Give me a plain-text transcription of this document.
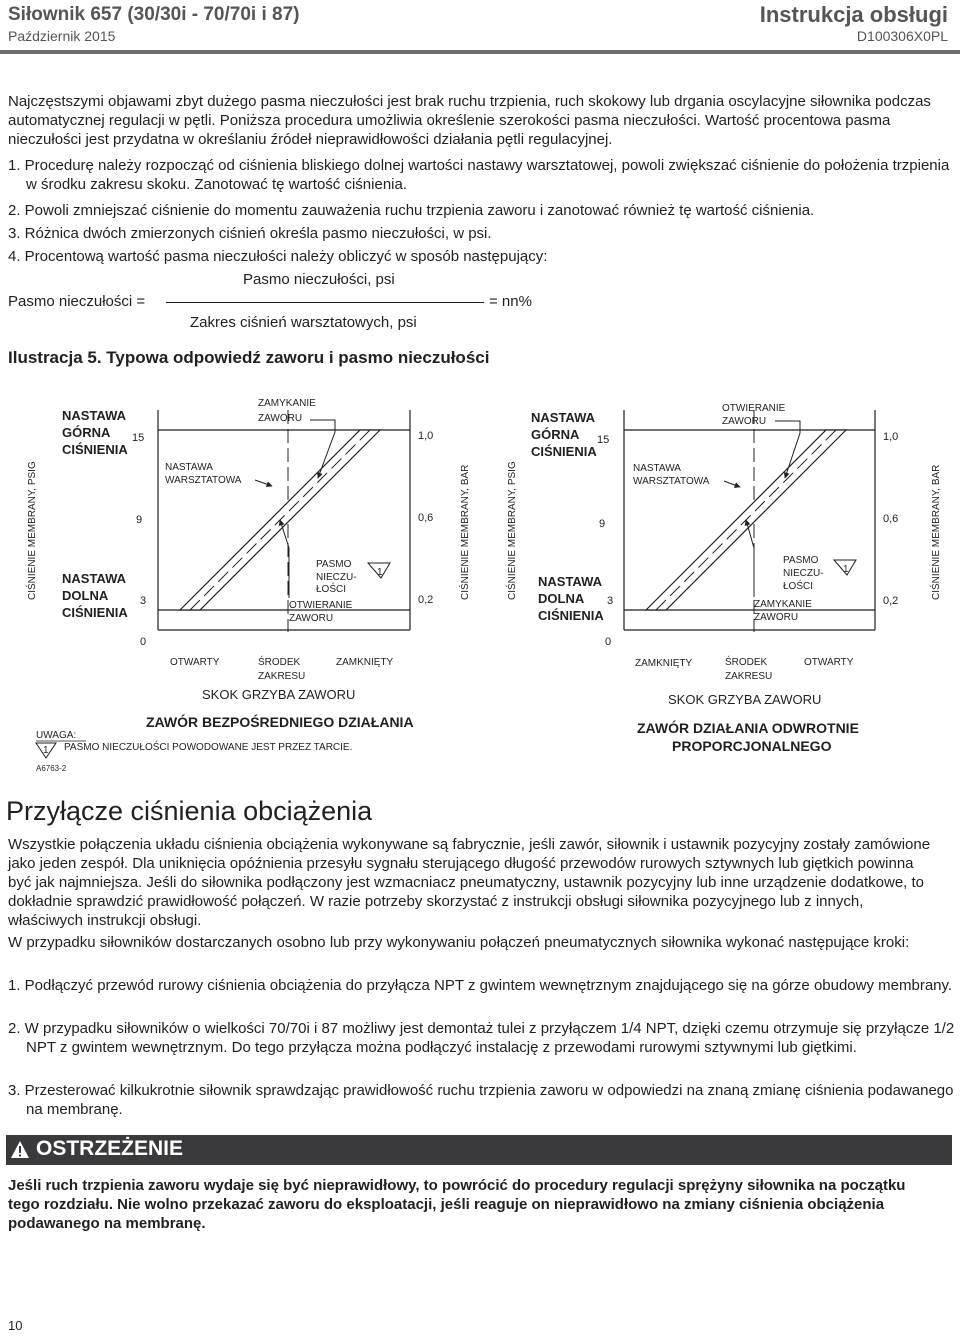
Siłownik 657 (30/30i - 70/70i i 87)
Październik 2015
Instrukcja obsługi
D100306X0PL
Najczęstszymi objawami zbyt dużego pasma nieczułości jest brak ruchu trzpienia, ruch skokowy lub drgania oscylacyjne siłownika podczas automatycznej regulacji w pętli. Poniższa procedura umożliwia określenie szerokości pasma nieczułości. Wartość procentowa pasma nieczułości jest przydatna w określaniu źródeł nieprawidłowości działania pętli regulacyjnej.
1. Procedurę należy rozpocząć od ciśnienia bliskiego dolnej wartości nastawy warsztatowej, powoli zwiększać ciśnienie do położenia trzpienia w środku zakresu skoku. Zanotować tę wartość ciśnienia.
2. Powoli zmniejszać ciśnienie do momentu zauważenia ruchu trzpienia zaworu i zanotować również tę wartość ciśnienia.
3. Różnica dwóch zmierzonych ciśnień określa pasmo nieczułości, w psi.
4. Procentową wartość pasma nieczułości należy obliczyć w sposób następujący:
Pasmo nieczułości, psi
Pasmo nieczułości =	= nn%
Zakres ciśnień warsztatowych, psi
Ilustracja 5. Typowa odpowiedź zaworu i pasmo nieczułości
CIŚNIENIE MEMBRANY, PSIG	CIŚNIENIE MEMBRANY, BAR
NASTAWA GÓRNA CIŚNIENIA
NASTAWA DOLNA CIŚNIENIA
15
9
3
0
1,0
0,6
0,2
NASTAWA WARSZTATOWA
ZAMYKANIE ZAWORU
OTWIERANIE ZAWORU
PASMO NIECZU- ŁOŚCI
1
OTWARTY	ŚRODEK ZAKRESU
ZAMKNIĘTY
SKOK GRZYBA ZAWORU
ZAWÓR BEZPOŚREDNIEGO DZIAŁANIA
CIŚNIENIE MEMBRANY, PSIG	CIŚNIENIE MEMBRANY, BAR
NASTAWA GÓRNA CIŚNIENIA
NASTAWA DOLNA CIŚNIENIA
15
9
3
0
1,0
0,6
0,2
NASTAWA WARSZTATOWA
OTWIERANIE ZAWORU
ZAMYKANIE ZAWORU
PASMO NIECZU- ŁOŚCI
1
ZAMKNIĘTY	ŚRODEK ZAKRESU
OTWARTY
SKOK GRZYBA ZAWORU
ZAWÓR DZIAŁANIA ODWROTNIE PROPORCJONALNEGO
UWAGA:
1 PASMO NIECZUŁOŚCI POWODOWANE JEST PRZEZ TARCIE.
A6763-2
Przyłącze ciśnienia obciążenia
Wszystkie połączenia układu ciśnienia obciążenia wykonywane są fabrycznie, jeśli zawór, siłownik i ustawnik pozycyjny zostały zamówione jako jeden zespół. Dla uniknięcia opóźnienia przesyłu sygnału sterującego długość przewodów rurowych sztywnych lub giętkich powinna być jak najmniejsza. Jeśli do siłownika podłączony jest wzmacniacz pneumatyczny, ustawnik pozycyjny lub inne urządzenie dodatkowe, to dokładnie sprawdzić prawidłowość połączeń. W razie potrzeby skorzystać z instrukcji obsługi siłownika pozycyjnego lub z innych, właściwych instrukcji obsługi.
W przypadku siłowników dostarczanych osobno lub przy wykonywaniu połączeń pneumatycznych siłownika wykonać następujące kroki:
1. Podłączyć przewód rurowy ciśnienia obciążenia do przyłącza NPT z gwintem wewnętrznym znajdującego się na górze obudowy membrany.
2. W przypadku siłowników o wielkości 70/70i i 87 możliwy jest demontaż tulei z przyłączem 1/4 NPT, dzięki czemu otrzymuje się przyłącze 1/2 NPT z gwintem wewnętrznym. Do tego przyłącza można podłączyć instalację z przewodami rurowymi sztywnymi lub giętkimi.
3. Przesterować kilkukrotnie siłownik sprawdzając prawidłowość ruchu trzpienia zaworu w odpowiedzi na znaną zmianę ciśnienia podawanego na membranę.
OSTRZEŻENIE
Jeśli ruch trzpienia zaworu wydaje się być nieprawidłowy, to powrócić do procedury regulacji sprężyny siłownika na początku tego rozdziału. Nie wolno przekazać zaworu do eksploatacji, jeśli reaguje on nieprawidłowo na zmiany ciśnienia obciążenia podawanego na membranę.
10
